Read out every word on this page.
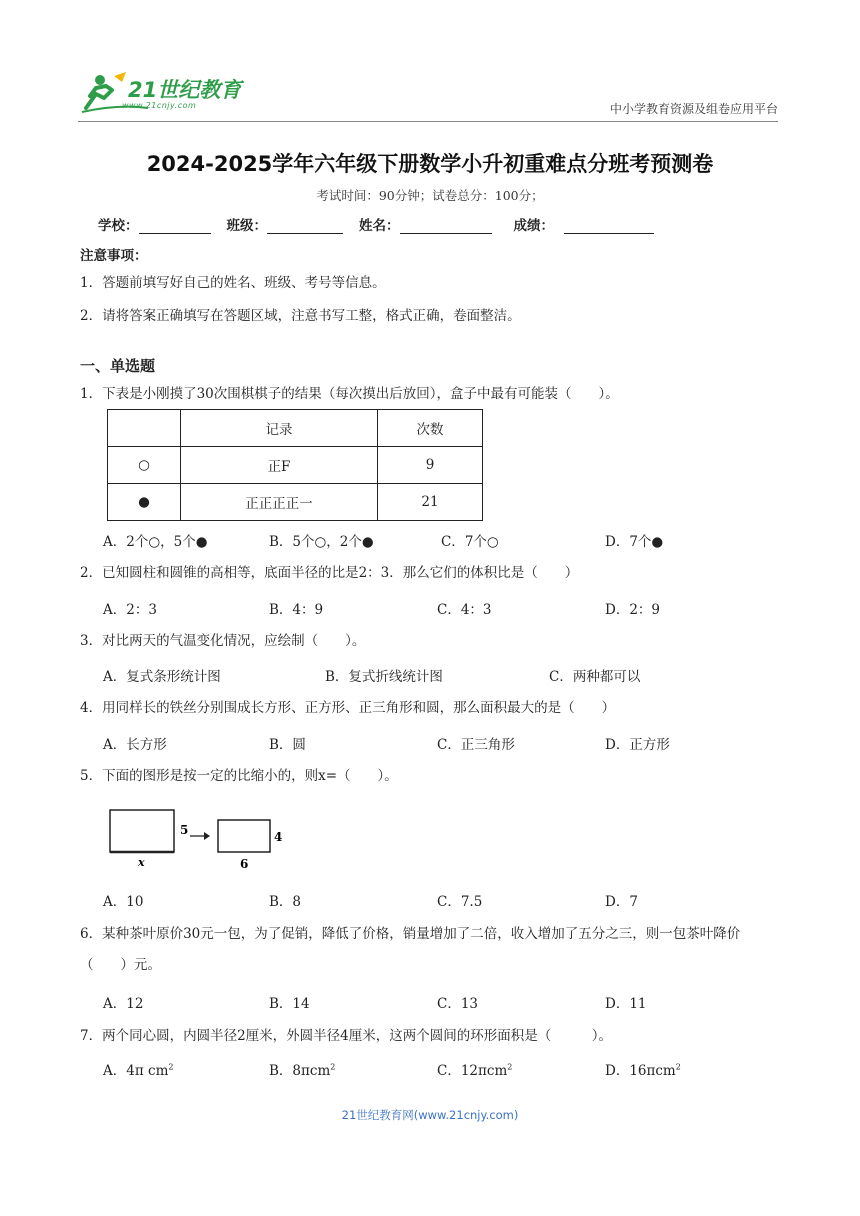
21世纪教育
www.21cnjy.com	中小学教育资源及组卷应用平台
2024-2025学年六年级下册数学小升初重难点分班考预测卷
考试时间：90分钟；试卷总分：100分；
学校：	班级：	姓名：	成绩：
注意事项：
1．答题前填写好自己的姓名、班级、考号等信息。
2．请将答案正确填写在答题区域，注意书写工整，格式正确，卷面整洁。
一、单选题
1．下表是小刚摸了30次围棋棋子的结果（每次摸出后放回），盒子中最有可能装（　　）。
	记录	次数
○	正F	9
●	正正正正一	21
A．2个○，5个●	B．5个○，2个●	C．7个○	D．7个●
2．已知圆柱和圆锥的高相等，底面半径的比是2：3．那么它们的体积比是（　　）
A．2：3	B．4：9	C．4：3	D．2：9
3．对比两天的气温变化情况，应绘制（　　）。
A．复式条形统计图	B．复式折线统计图	C．两种都可以
4．用同样长的铁丝分别围成长方形、正方形、正三角形和圆，那么面积最大的是（　　）
A．长方形	B．圆	C．正三角形	D．正方形
5．下面的图形是按一定的比缩小的，则x=（　　）。
5	4
x	6
A．10	B．8	C．7.5	D．7
6．某种茶叶原价30元一包，为了促销，降低了价格，销量增加了二倍，收入增加了五分之三，则一包茶叶降价（　　）元。
A．12	B．14	C．13	D．11
7．两个同心圆，内圆半径2厘米，外圆半径4厘米，这两个圆间的环形面积是（　　　）。
A．4π $cm^2$	B．8πcm$^2$	C．12πcm$^2$	D．16πcm$^2$
21世纪教育网(www.21cnjy.com)
